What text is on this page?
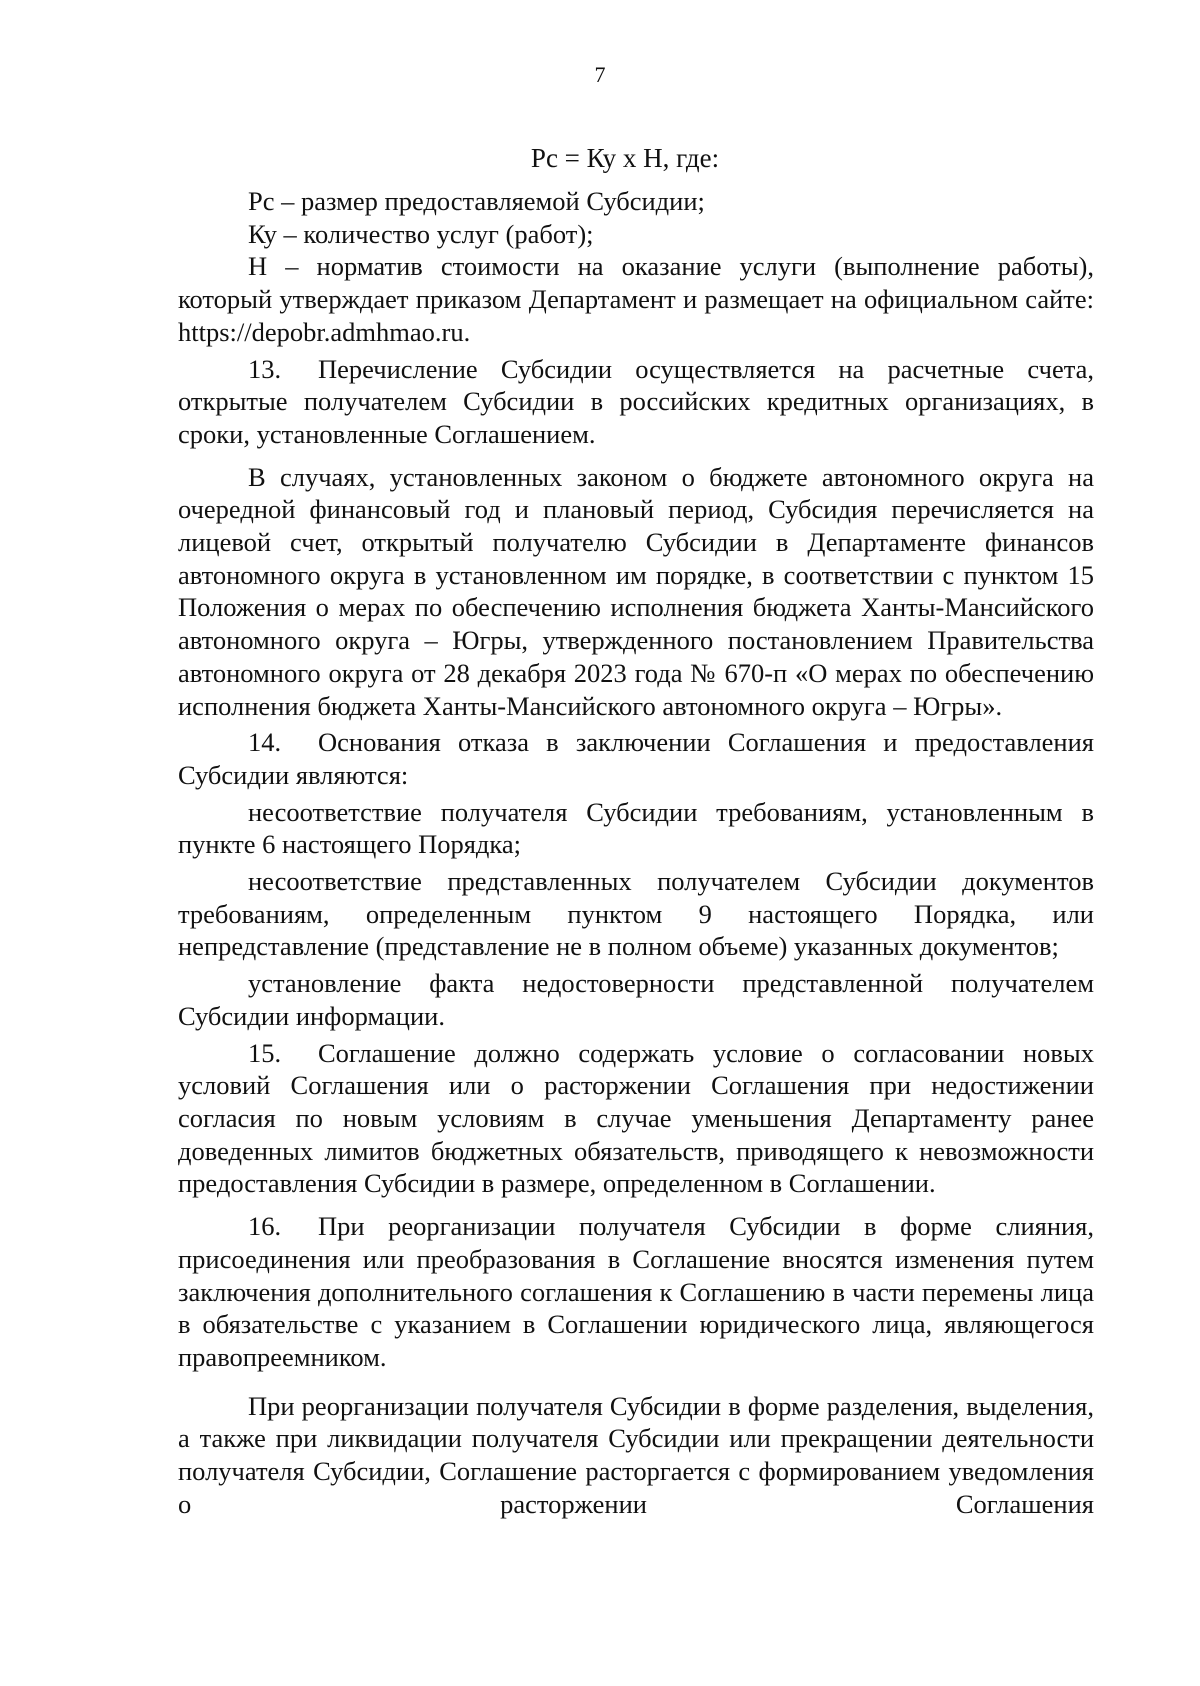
7
Рс = Ку х Н, где:

Рс – размер предоставляемой Субсидии;

Ку – количество услуг (работ);

Н – норматив стоимости на оказание услуги (выполнение работы), который утверждает приказом Департамент и размещает на официальном сайте: https://depobr.admhmao.ru.

13. Перечисление Субсидии осуществляется на расчетные счета, открытые получателем Субсидии в российских кредитных организациях, в сроки, установленные Соглашением.

В случаях, установленных законом о бюджете автономного округа на очередной финансовый год и плановый период, Субсидия перечисляется на лицевой счет, открытый получателю Субсидии в Департаменте финансов автономного округа в установленном им порядке, в соответствии с пунктом 15 Положения о мерах по обеспечению исполнения бюджета Ханты-Мансийского автономного округа – Югры, утвержденного постановлением Правительства автономного округа от 28 декабря 2023 года № 670-п «О мерах по обеспечению исполнения бюджета Ханты-Мансийского автономного округа – Югры».

14. Основания отказа в заключении Соглашения и предоставления Субсидии являются:

несоответствие получателя Субсидии требованиям, установленным в пункте 6 настоящего Порядка;

несоответствие представленных получателем Субсидии документов требованиям, определенным пунктом 9 настоящего Порядка, или непредставление (представление не в полном объеме) указанных документов;

установление факта недостоверности представленной получателем Субсидии информации.

15. Соглашение должно содержать условие о согласовании новых условий Соглашения или о расторжении Соглашения при недостижении согласия по новым условиям в случае уменьшения Департаменту ранее доведенных лимитов бюджетных обязательств, приводящего к невозможности предоставления Субсидии в размере, определенном в Соглашении.

16. При реорганизации получателя Субсидии в форме слияния, присоединения или преобразования в Соглашение вносятся изменения путем заключения дополнительного соглашения к Соглашению в части перемены лица в обязательстве с указанием в Соглашении юридического лица, являющегося правопреемником.

При реорганизации получателя Субсидии в форме разделения, выделения, а также при ликвидации получателя Субсидии или прекращении деятельности получателя Субсидии, Соглашение расторгается с формированием уведомления о расторжении Соглашения
